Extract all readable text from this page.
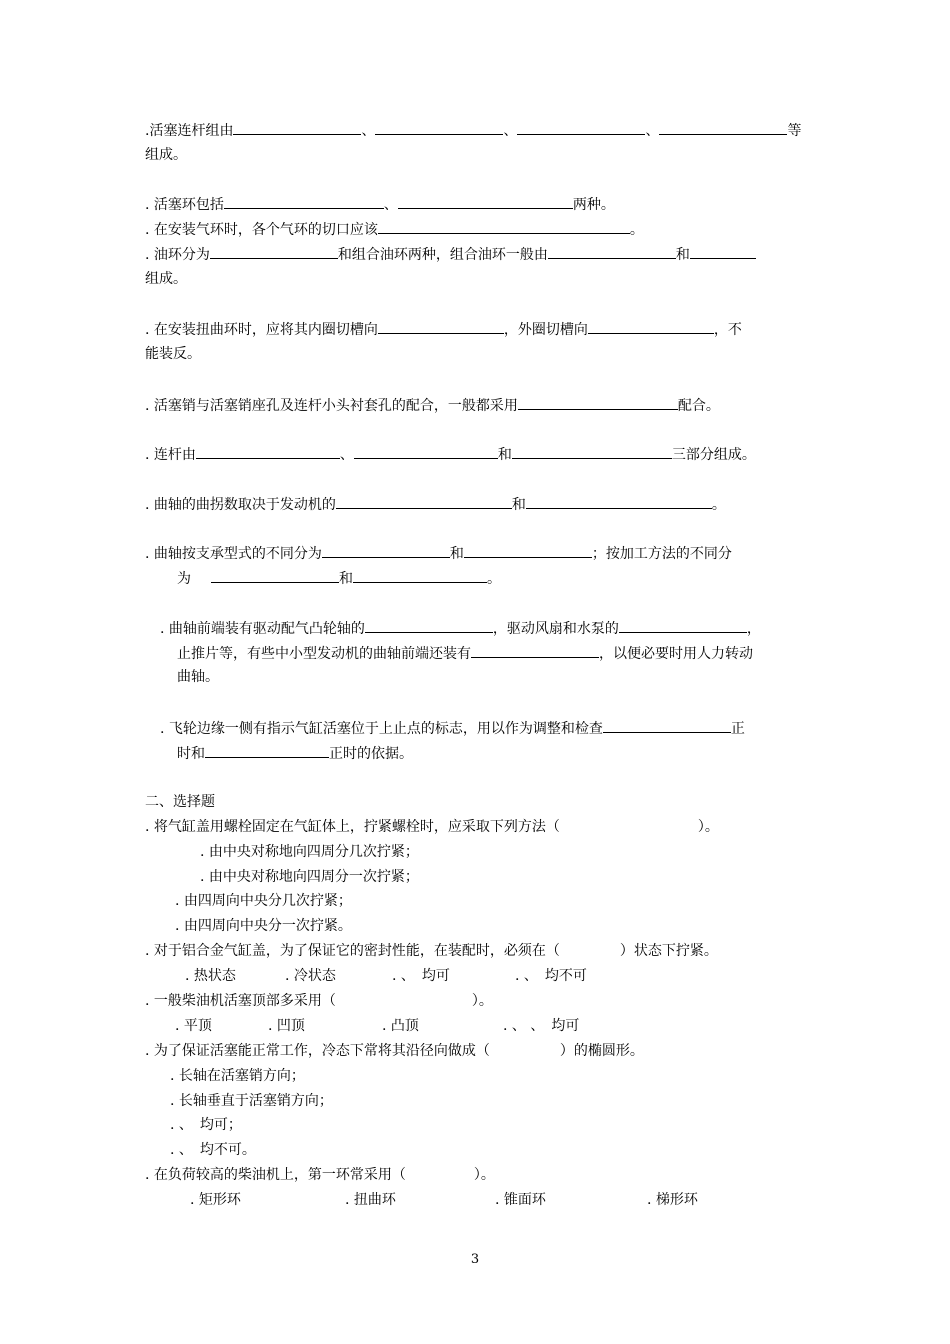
.活塞连杆组由	、	、	、	等
组成。
. 活塞环包括	、	两种。
. 在安装气环时，各个气环的切口应该	。
. 油环分为	和组合油环两种，组合油环一般由	和
组成。
. 在安装扭曲环时，应将其内圈切槽向	，外圈切槽向	，不
能装反。
. 活塞销与活塞销座孔及连杆小头衬套孔的配合，一般都采用	配合。
. 连杆由	、	和	三部分组成。
. 曲轴的曲拐数取决于发动机的	和	。
. 曲轴按支承型式的不同分为	和	；按加工方法的不同分
为	和	。
. 曲轴前端装有驱动配气凸轮轴的	，驱动风扇和水泵的	，
止推片等，有些中小型发动机的曲轴前端还装有	，以便必要时用人力转动
曲轴。
. 飞轮边缘一侧有指示气缸活塞位于上止点的标志，用以作为调整和检查	正
时和	正时的依据。
二、选择题
. 将气缸盖用螺栓固定在气缸体上，拧紧螺栓时，应采取下列方法（	）。
. 由中央对称地向四周分几次拧紧；
. 由中央对称地向四周分一次拧紧；
. 由四周向中央分几次拧紧；
. 由四周向中央分一次拧紧。
. 对于铝合金气缸盖，为了保证它的密封性能，在装配时，必须在（	）状态下拧紧。
. 热状态	. 冷状态	. 、　均可	. 、　均不可
. 一般柴油机活塞顶部多采用（	）。
. 平顶	. 凹顶	. 凸顶	. 、 、　均可
. 为了保证活塞能正常工作，冷态下常将其沿径向做成（	）的椭圆形。
. 长轴在活塞销方向；
. 长轴垂直于活塞销方向；
. 、　均可；
. 、　均不可。
. 在负荷较高的柴油机上，第一环常采用（	）。
. 矩形环	. 扭曲环	. 锥面环	. 梯形环
3
